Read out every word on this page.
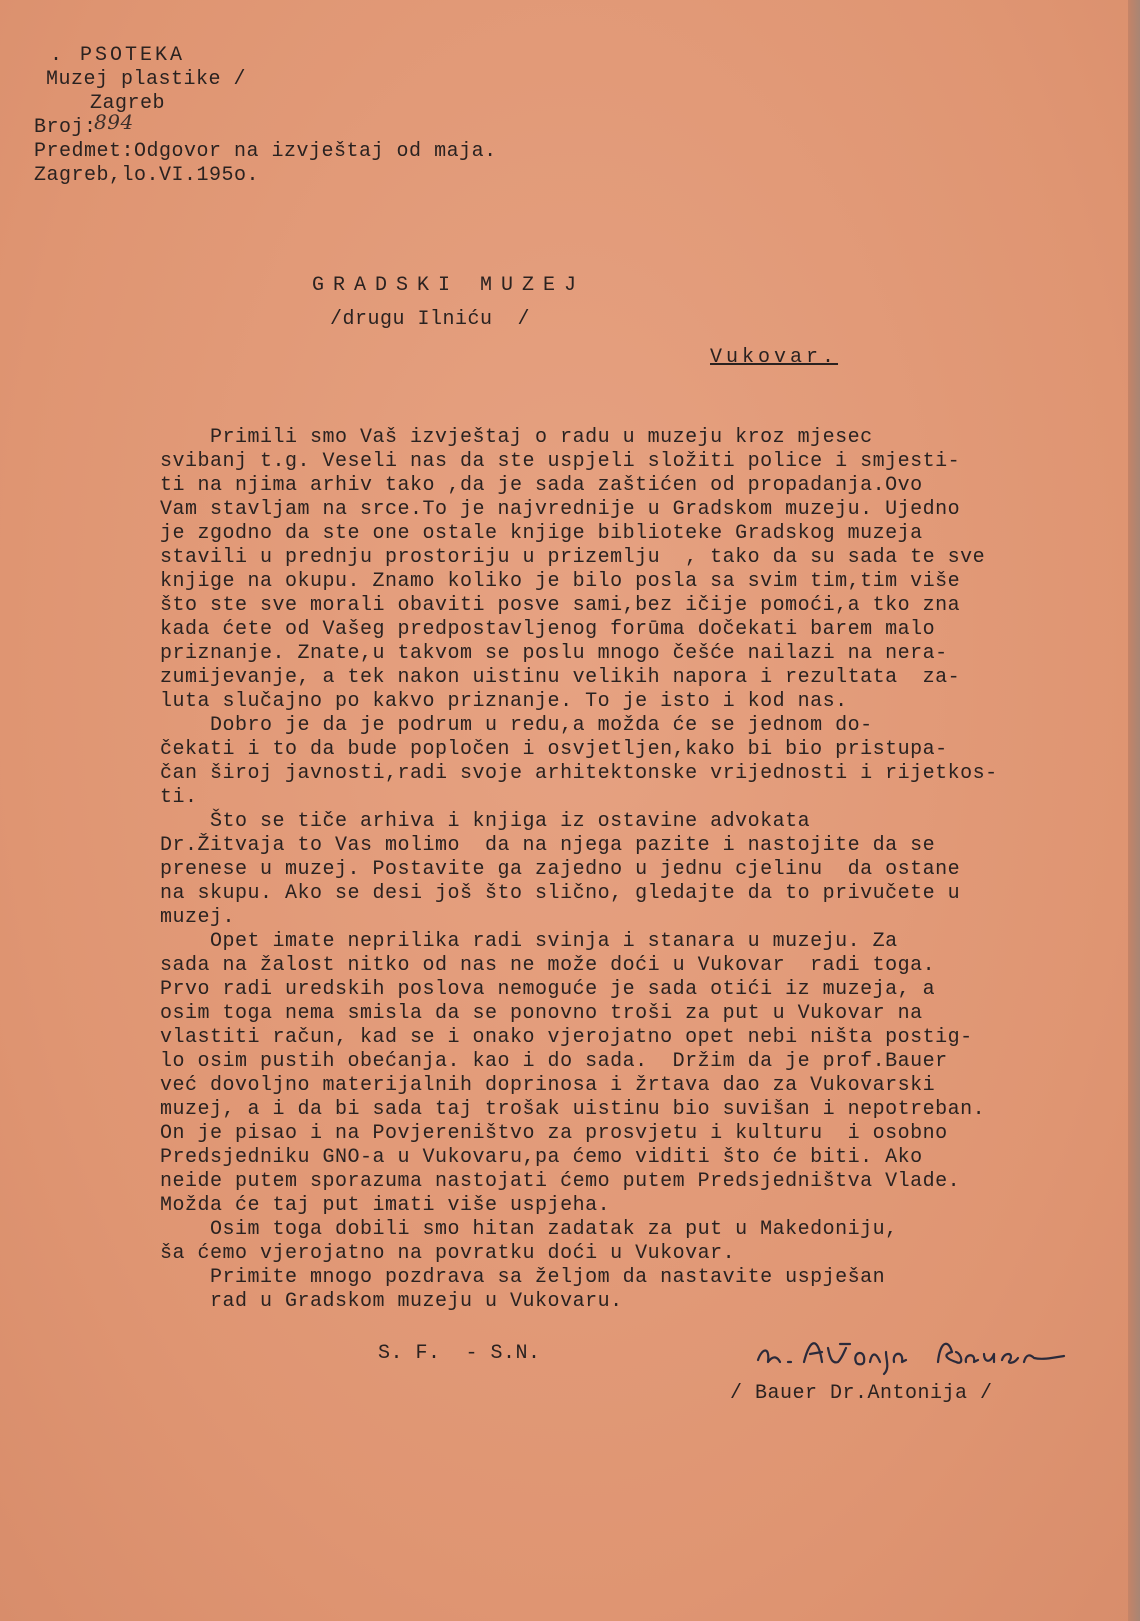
. PSOTEKA
Muzej plastike /
Zagreb
Broj:
894
Predmet:Odgovor na izvještaj od maja.
Zagreb,lo.VI.195o.
GRADSKI MUZEJ
/drugu Ilniću  /
Vukovar.
Primili smo Vaš izvještaj o radu u muzeju kroz mjesec
svibanj t.g. Veseli nas da ste uspjeli složiti police i smjesti-
ti na njima arhiv tako ,da je sada zaštićen od propadanja.Ovo
Vam stavljam na srce.To je najvrednije u Gradskom muzeju. Ujedno
je zgodno da ste one ostale knjige biblioteke Gradskog muzeja
stavili u prednju prostoriju u prizemlju  , tako da su sada te sve
knjige na okupu. Znamo koliko je bilo posla sa svim tim,tim više
što ste sve morali obaviti posve sami,bez ičije pomoći,a tko zna
kada ćete od Vašeg predpostavljenog forūma dočekati barem malo
priznanje. Znate,u takvom se poslu mnogo češće nailazi na nera-
zumijevanje, a tek nakon uistinu velikih napora i rezultata  za-
luta slučajno po kakvo priznanje. To je isto i kod nas.
Dobro je da je podrum u redu,a možda će se jednom do-
čekati i to da bude popločen i osvjetljen,kako bi bio pristupa-
čan široj javnosti,radi svoje arhitektonske vrijednosti i rijetkos-
ti.
Što se tiče arhiva i knjiga iz ostavine advokata
Dr.Žitvaja to Vas molimo  da na njega pazite i nastojite da se
prenese u muzej. Postavite ga zajedno u jednu cjelinu  da ostane
na skupu. Ako se desi još što slično, gledajte da to privučete u
muzej.
Opet imate neprilika radi svinja i stanara u muzeju. Za
sada na žalost nitko od nas ne može doći u Vukovar  radi toga.
Prvo radi uredskih poslova nemoguće je sada otići iz muzeja, a
osim toga nema smisla da se ponovno troši za put u Vukovar na
vlastiti račun, kad se i onako vjerojatno opet nebi ništa postig-
lo osim pustih obećanja. kao i do sada.  Držim da je prof.Bauer
već dovoljno materijalnih doprinosa i žrtava dao za Vukovarski
muzej, a i da bi sada taj trošak uistinu bio suvišan i nepotreban.
On je pisao i na Povjereništvo za prosvjetu i kulturu  i osobno
Predsjedniku GNO-a u Vukovaru,pa ćemo viditi što će biti. Ako
neide putem sporazuma nastojati ćemo putem Predsjedništva Vlade.
Možda će taj put imati više uspjeha.
Osim toga dobili smo hitan zadatak za put u Makedoniju,
ša ćemo vjerojatno na povratku doći u Vukovar.
Primite mnogo pozdrava sa željom da nastavite uspješan
rad u Gradskom muzeju u Vukovaru.
S. F.  - S.N.
/ Bauer Dr.Antonija /
